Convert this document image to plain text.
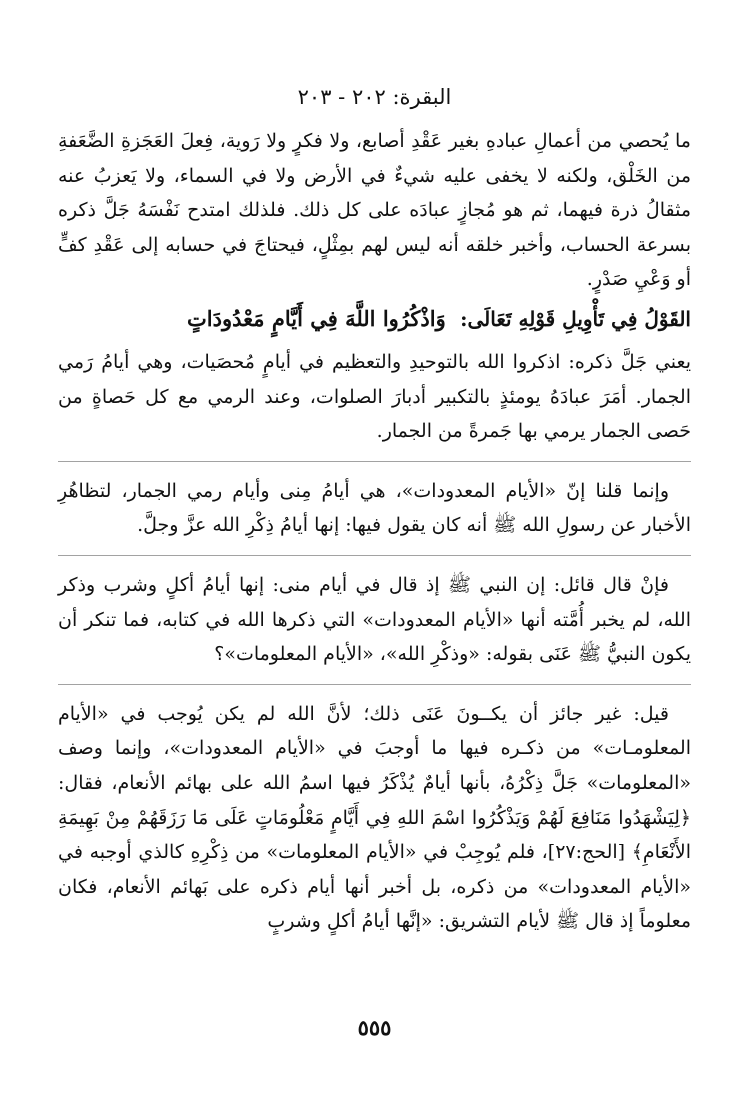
البقرة: ٢٠٢ - ٢٠٣

ما يُحصي من أعمالِ عبادهِ بغير عَقْدِ أصابع، ولا فكرٍ ولا رَوية، فِعلَ العَجَزةِ الضَّعَفةِ من الخَلْق، ولكنه لا يخفى عليه شيءٌ في الأرض ولا في السماء، ولا يَعزبُ عنه مثقالُ ذرة فيهما، ثم هو مُجازٍ عبادَه على كل ذلك. فلذلك امتدح نَفْسَهُ جَلَّ ذكره بسرعة الحساب، وأخبر خلقه أنه ليس لهم بمِثْلٍ، فيحتاجَ في حسابه إلى عَقْدِ كفٍّ أو وَعْيِ صَدْرٍ.

القَوْلُ فِي تَأْوِيلِ قَوْلِهِ تَعَالَى: وَاذْكُرُوا اللَّهَ فِي أَيَّامٍ مَعْدُودَاتٍ

يعني جَلَّ ذكره: اذكروا الله بالتوحيدِ والتعظيم في أيامٍ مُحصَيات، وهي أيامُ رَمي الجمار. أمَرَ عبادَهُ يومئذٍ بالتكبير أدبارَ الصلوات، وعند الرمي مع كل حَصاةٍ من حَصى الجمار يرمي بها جَمرةً من الجمار.

وإنما قلنا إنّ «الأيام المعدودات»، هي أيامُ مِنى وأيام رمي الجمار، لتظاهُرِ الأخبار عن رسولِ الله ﷺ أنه كان يقول فيها: إنها أيامُ ذِكْرِ الله عزَّ وجلَّ.

فإنْ قال قائل: إن النبي ﷺ إذ قال في أيام منى: إنها أيامُ أكلٍ وشرب وذكر الله، لم يخبر أُمَّته أنها «الأيام المعدودات» التي ذكرها الله في كتابه، فما تنكر أن يكون النبيُّ ﷺ عَنَى بقوله: «وذكْرِ الله»، «الأيام المعلومات»؟

قيل: غير جائز أن يكــونَ عَنَى ذلك؛ لأنَّ الله لم يكن يُوجب في «الأيام المعلومـات» من ذكـره فيها ما أوجبَ في «الأيام المعدودات»، وإنما وصف «المعلومات» جَلَّ ذِكْرُهُ، بأنها أيامٌ يُذْكَرُ فيها اسمُ الله على بهائم الأنعام، فقال: ﴿لِيَشْهَدُوا مَنَافِعَ لَهُمْ وَيَذْكُرُوا اسْمَ اللهِ فِي أَيَّامٍ مَعْلُومَاتٍ عَلَى مَا رَزَقَهُمْ مِنْ بَهِيمَةِ الأَنْعَامِ﴾ [الحج:٢٧]، فلم يُوجِبْ في «الأيام المعلومات» من ذِكْرِهِ كالذي أوجبه في «الأيام المعدودات» من ذكره، بل أخبر أنها أيام ذكره على بَهائم الأنعام، فكان معلوماً إذ قال ﷺ لأيام التشريق: «إنَّها أيامُ أكلٍ وشربٍ

٥٥٥
